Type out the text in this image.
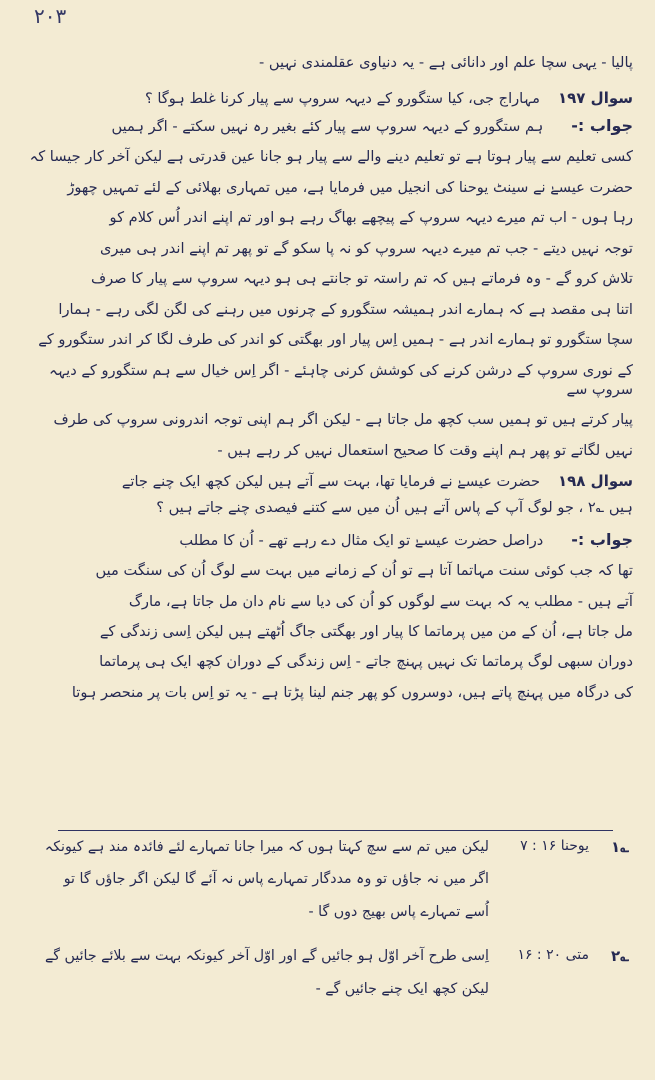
۲۰۳

پالیا - یہی سچا علم اور دانائی ہے - یہ دنیاوی عقلمندی نہیں -

سوال ۱۹۷
مہاراج جی، کیا ستگورو کے دیہہ سروپ سے پیار کرنا غلط ہوگا ؟

جواب :-ہم ستگورو کے دیہہ سروپ سے پیار کئے بغیر رہ نہیں سکتے - اگر ہمیں

کسی تعلیم سے پیار ہوتا ہے تو تعلیم دینے والے سے پیار ہو جانا عین قدرتی ہے لیکن آخر کار جیسا کہ

حضرت عیسےٰ نے سینٹ یوحنا کی انجیل میں فرمایا ہے، میں تمہاری بھلائی کے لئے تمہیں چھوڑ

رہا ہوں - اب تم میرے دیہہ سروپ کے پیچھے بھاگ رہے ہو اور تم اپنے اندر اُس کلام کو

توجہ نہیں دیتے - جب تم میرے دیہہ سروپ کو نہ پا سکو گے تو پھر تم اپنے اندر ہی میری

تلاش کرو گے - وہ فرماتے ہیں کہ تم راستہ تو جانتے ہی ہو دیہہ سروپ سے پیار کا صرف

اتنا ہی مقصد ہے کہ ہمارے اندر ہمیشہ ستگورو کے چرنوں میں رہنے کی لگن لگی رہے - ہمارا

سچا ستگورو تو ہمارے اندر ہے - ہمیں اِس پیار اور بھگتی کو اندر کی طرف لگا کر اندر ستگورو کے

کے نوری سروپ کے درشن کرنے کی کوشش کرنی چاہئے - اگر اِس خیال سے ہم ستگورو کے دیہہ سروپ سے

پیار کرتے ہیں تو ہمیں سب کچھ مل جاتا ہے - لیکن اگر ہم اپنی توجہ اندرونی سروپ کی طرف

نہیں لگاتے تو پھر ہم اپنے وقت کا صحیح استعمال نہیں کر رہے ہیں -

سوال ۱۹۸
حضرت عیسےٰ نے فرمایا تھا، بہت سے آتے ہیں لیکن کچھ ایک چنے جاتے

ہیں ؎۲ ، جو لوگ آپ کے پاس آتے ہیں اُن میں سے کتنے فیصدی چنے جاتے ہیں ؟

جواب :-دراصل حضرت عیسےٰ تو ایک مثال دے رہے تھے - اُن کا مطلب

تھا کہ جب کوئی سنت مہاتما آتا ہے تو اُن کے زمانے میں بہت سے لوگ اُن کی سنگت میں

آتے ہیں - مطلب یہ کہ بہت سے لوگوں کو اُن کی دیا سے نام دان مل جاتا ہے، مارگ

مل جاتا ہے، اُن کے من میں پرماتما کا پیار اور بھگتی جاگ اُٹھتے ہیں لیکن اِسی زندگی کے

دوران سبھی لوگ پرماتما تک نہیں پہنچ جاتے - اِس زندگی کے دوران کچھ ایک ہی پرماتما

کی درگاہ میں پہنچ پاتے ہیں، دوسروں کو پھر جنم لینا پڑتا ہے - یہ تو اِس بات پر منحصر ہوتا

؎۱
یوحنا ۱۶ : ۷

لیکن میں تم سے سچ کہتا ہوں کہ میرا جانا تمہارے لئے فائدہ مند ہے کیونکہ

اگر میں نہ جاؤں تو وہ مددگار تمہارے پاس نہ آئے گا لیکن اگر جاؤں گا تو

اُسے تمہارے پاس بھیج دوں گا -

؎۲
متی ۲۰ : ۱۶

اِسی طرح آخر اوّل ہو جائیں گے اور اوّل آخر کیونکہ بہت سے بلائے جائیں گے

لیکن کچھ ایک چنے جائیں گے -
